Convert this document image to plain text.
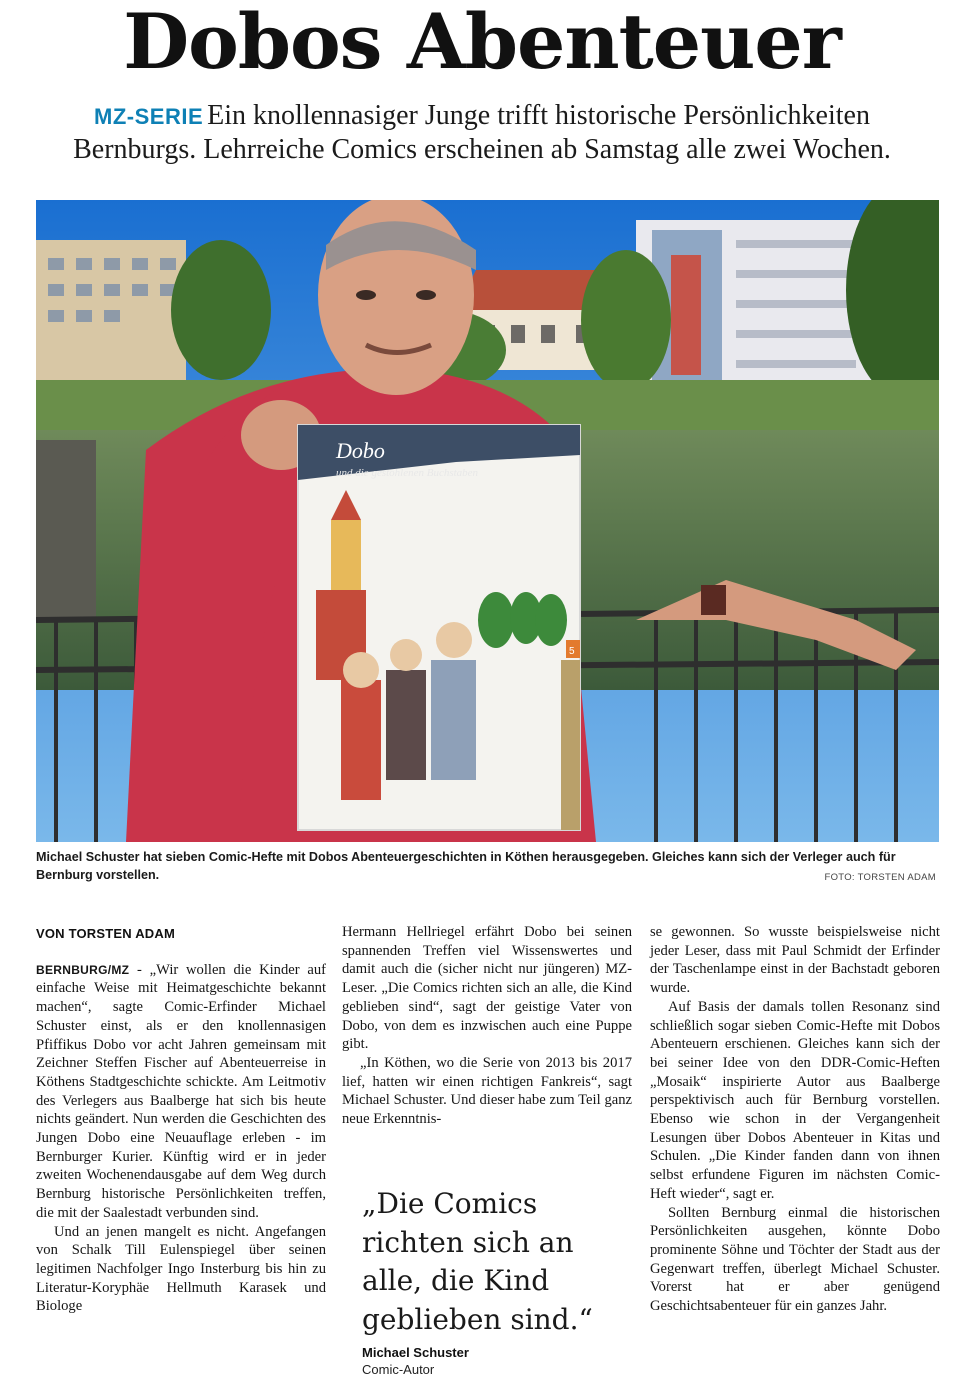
Dobos Abenteuer
MZ-SERIE Ein knollennasiger Junge trifft historische Persönlichkeiten Bernburgs. Lehrreiche Comics erscheinen ab Samstag alle zwei Wochen.
Dobo
und die gestohlenen Buchstaben
5
Michael Schuster hat sieben Comic-Hefte mit Dobos Abenteuergeschichten in Köthen herausgegeben. Gleiches kann sich der Verleger auch für Bernburg vorstellen.	FOTO: TORSTEN ADAM

VON TORSTEN ADAM

BERNBURG/MZ - „Wir wollen die Kinder auf einfache Weise mit Heimatgeschichte bekannt machen“, sagte Comic-Erfinder Michael Schuster einst, als er den knollennasigen Pfiffikus Dobo vor acht Jahren gemeinsam mit Zeichner Steffen Fischer auf Abenteuerreise in Köthens Stadtgeschichte schickte. Am Leitmotiv des Verlegers aus Baalberge hat sich bis heute nichts geändert. Nun werden die Geschichten des Jungen Dobo eine Neuauflage erleben - im Bernburger Kurier. Künftig wird er in jeder zweiten Wochenendausgabe auf dem Weg durch Bernburg historische Persönlichkeiten treffen, die mit der Saalestadt verbunden sind.

Und an jenen mangelt es nicht. Angefangen von Schalk Till Eulenspiegel über seinen legitimen Nachfolger Ingo Insterburg bis hin zu Literatur-Koryphäe Hellmuth Karasek und Biologe

Hermann Hellriegel erfährt Dobo bei seinen spannenden Treffen viel Wissenswertes und damit auch die (sicher nicht nur jüngeren) MZ-Leser. „Die Comics richten sich an alle, die Kind geblieben sind“, sagt der geistige Vater von Dobo, von dem es inzwischen auch eine Puppe gibt.

„In Köthen, wo die Serie von 2013 bis 2017 lief, hatten wir einen richtigen Fankreis“, sagt Michael Schuster. Und dieser habe zum Teil ganz neue Erkenntnis-

„Die Comics richten sich an alle, die Kind geblieben sind.“
Michael Schuster
Comic-Autor

se gewonnen. So wusste beispielsweise nicht jeder Leser, dass mit Paul Schmidt der Erfinder der Taschenlampe einst in der Bachstadt geboren wurde.

Auf Basis der damals tollen Resonanz sind schließlich sogar sieben Comic-Hefte mit Dobos Abenteuern erschienen. Gleiches kann sich der bei seiner Idee von den DDR-Comic-Heften „Mosaik“ inspirierte Autor aus Baalberge perspektivisch auch für Bernburg vorstellen. Ebenso wie schon in der Vergangenheit Lesungen über Dobos Abenteuer in Kitas und Schulen. „Die Kinder fanden dann von ihnen selbst erfundene Figuren im nächsten Comic-Heft wieder“, sagt er.

Sollten Bernburg einmal die historischen Persönlichkeiten ausgehen, könnte Dobo prominente Söhne und Töchter der Stadt aus der Gegenwart treffen, überlegt Michael Schuster. Vorerst hat er aber genügend Geschichtsabenteuer für ein ganzes Jahr.
